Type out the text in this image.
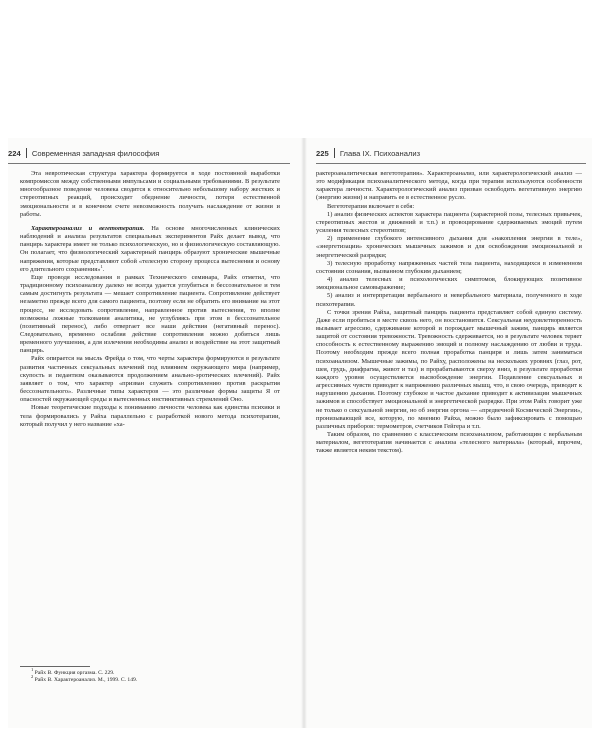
224 Современная западная философия

Эта невротическая структура характера формируется в ходе постоянной выработки компромиссов между собственными импульсами и социальными требованиями. В результате многообразное поведение человека сводится к относительно небольшому набору жестких и стереотипных реакций, происходит обеднение личности, потеря естественной эмоциональности и в конечном счете невозможность получать наслаждение от жизни и работы.

Характероанализ и вегетотерапия. На основе многочисленных клинических наблюдений и анализа результатов специальных экспериментов Райх делает вывод, что панцирь характера имеет не только психологическую, но и физиологическую составляющую. Он полагает, что физиологический характерный панцирь образуют хронические мышечные напряжения, которые представляют собой «телесную сторону процесса вытеснения и основу его длительного сохранения»$^1$.

Еще проводя исследования в рамках Технического семинара, Райх отметил, что традиционному психоанализу далеко не всегда удается углубиться в бессознательное и тем самым достигнуть результата — мешает сопротивление пациента. Сопротивление действует незаметно прежде всего для самого пациента, поэтому если не обратить его внимание на этот процесс, не исследовать сопротивление, направленное против вытеснения, то вполне возможны ложные толкования аналитика, не углубляясь при этом в бессознательное (позитивный перенос), либо отвергает все наши действия (негативный перенос). Следовательно, временно ослабляя действие сопротивления можно добиться лишь временного улучшения, а для излечения необходимы анализ и воздействие на этот защитный панцирь.

Райх опирается на мысль Фрейда о том, что черты характера формируются в результате развития частичных сексуальных влечений под влиянием окружающего мира (например, скупость и педантизм оказываются продолжением анально-эротических влечений). Райх заявляет о том, что характер «призван служить сопротивлению против раскрытия бессознательного». Различные типы характеров — это различные формы защиты Я от опасностей окружающей среды и вытесненных инстинктивных стремлений Оно.

Новые теоретические подходы к пониманию личности человека как единства психики и тела формировались у Райха параллельно с разработкой нового метода психотерапии, который получил у него название «ха-

$^1$ Райх В. Функция оргазма. С. 229.
$^2$ Райх В. Характероанализ. М., 1999. С. 149.
225 Глава IX. Психоанализ

рактероаналитическая вегетотерапия». Характероанализ, или характерологический анализ — это модификация психоаналитического метода, когда при терапии используются особенности характера личности. Характерологический анализ призван освободить вегетативную энергию (энергию жизни) и направить ее в естественное русло.

Вегетотерапия включает в себя:

1) анализ физических аспектов характера пациента (характерной позы, телесных привычек, стереотипных жестов и движений и т.п.) и провоцирование сдерживаемых эмоций путем усиления телесных стереотипов;

2) применение глубокого интенсивного дыхания для «накопления энергии в теле», «энергетизации» хронических мышечных зажимов и для освобождения эмоциональной и энергетической разрядки;

3) телесную проработку напряженных частей тела пациента, находящихся в измененном состоянии сознания, вызванном глубоким дыханием;

4) анализ телесных и психологических симптомов, блокирующих позитивное эмоциональное самовыражение;

5) анализ и интерпретации вербального и невербального материала, полученного в ходе психотерапии.

С точки зрения Райха, защитный панцирь пациента представляет собой единую систему. Даже если пробиться в месте сквозь него, он восстановится. Сексуальная неудовлетворенность вызывает агрессию, сдерживание которой и порождает мышечный зажим, панцирь является защитой от состояния тревожности. Тревожность сдерживается, но в результате человек теряет способность к естественному выражению эмоций и полному наслаждению от любви и труда. Поэтому необходим прежде всего полная проработка панциря и лишь затем заниматься психоанализом. Мышечные зажимы, по Райху, расположены на нескольких уровнях (глаз, рот, шея, грудь, диафрагма, живот и таз) и прорабатываются сверху вниз, в результате проработки каждого уровня осуществляется высвобождение энергии. Подавление сексуальных и агрессивных чувств приводит к напряжению различных мышц, что, в свою очередь, приводит к нарушению дыхания. Поэтому глубокое и частое дыхание приводит к активизации мышечных зажимов и способствует эмоциональной и энергетической разрядке. При этом Райх говорит уже не только о сексуальной энергии, но об энергии оргона — «предвечной Космической Энергии», пронизывающей все, которую, по мнению Райха, можно было зафиксировать с помощью различных приборов: термометров, счетчиков Гейгера и т.п.

Таким образом, по сравнению с классическим психоанализом, работающим с вербальным материалом, вегетотерапия начинается с анализа «телесного материала» (который, впрочем, также является неким текстом).
